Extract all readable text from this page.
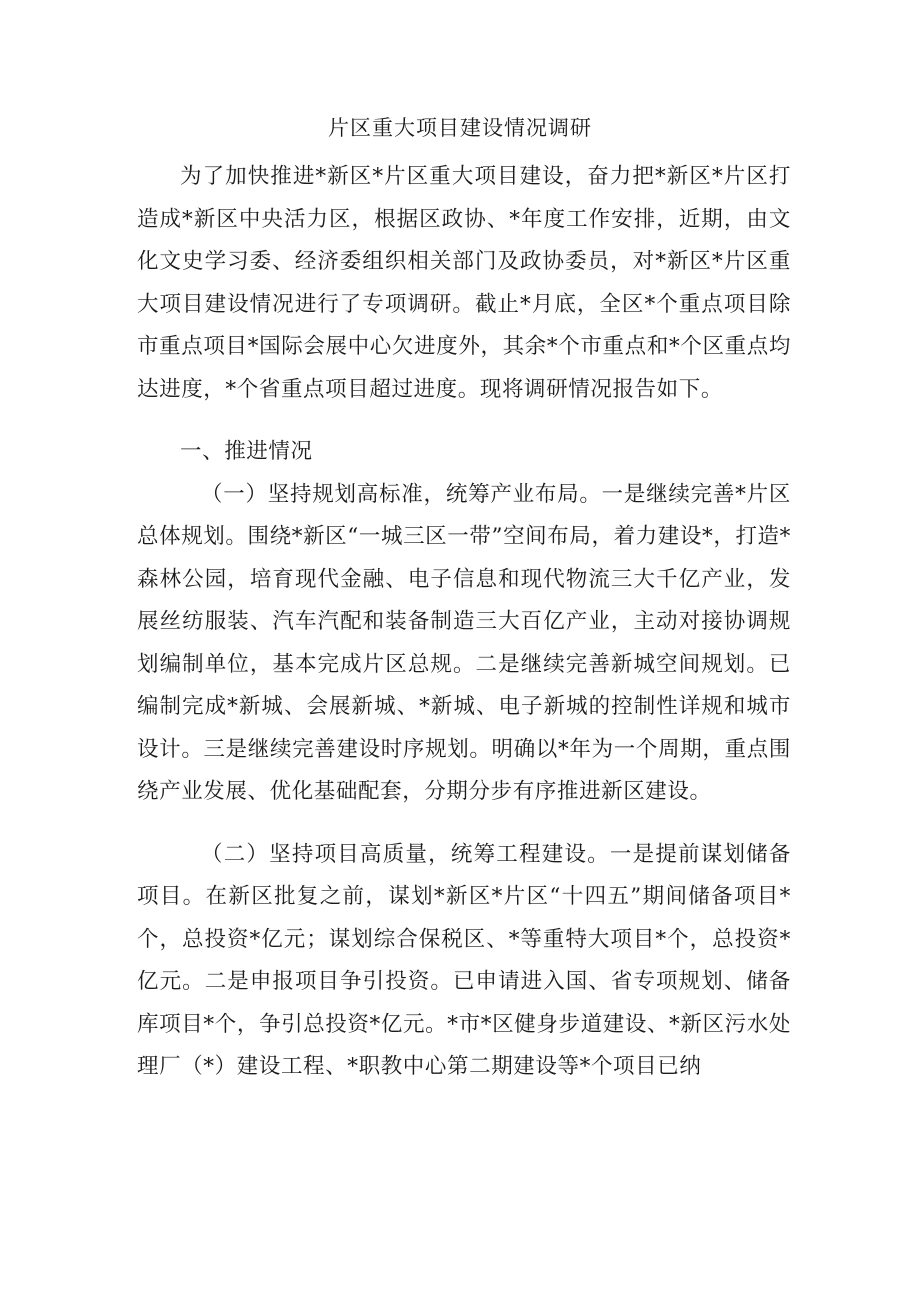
片区重大项目建设情况调研

为了加快推进*新区*片区重大项目建设，奋力把*新区*片区打造成*新区中央活力区，根据区政协、*年度工作安排，近期，由文化文史学习委、经济委组织相关部门及政协委员，对*新区*片区重大项目建设情况进行了专项调研。截止*月底，全区*个重点项目除市重点项目*国际会展中心欠进度外，其余*个市重点和*个区重点均达进度，*个省重点项目超过进度。现将调研情况报告如下。

一、推进情况

（一）坚持规划高标准，统筹产业布局。一是继续完善*片区总体规划。围绕*新区“一城三区一带”空间布局，着力建设*，打造*森林公园，培育现代金融、电子信息和现代物流三大千亿产业，发展丝纺服装、汽车汽配和装备制造三大百亿产业，主动对接协调规划编制单位，基本完成片区总规。二是继续完善新城空间规划。已编制完成*新城、会展新城、*新城、电子新城的控制性详规和城市设计。三是继续完善建设时序规划。明确以*年为一个周期，重点围绕产业发展、优化基础配套，分期分步有序推进新区建设。

（二）坚持项目高质量，统筹工程建设。一是提前谋划储备项目。在新区批复之前，谋划*新区*片区“十四五”期间储备项目*个，总投资*亿元；谋划综合保税区、*等重特大项目*个，总投资*亿元。二是申报项目争引投资。已申请进入国、省专项规划、储备库项目*个，争引总投资*亿元。*市*区健身步道建设、*新区污水处理厂（*）建设工程、*职教中心第二期建设等*个项目已纳
